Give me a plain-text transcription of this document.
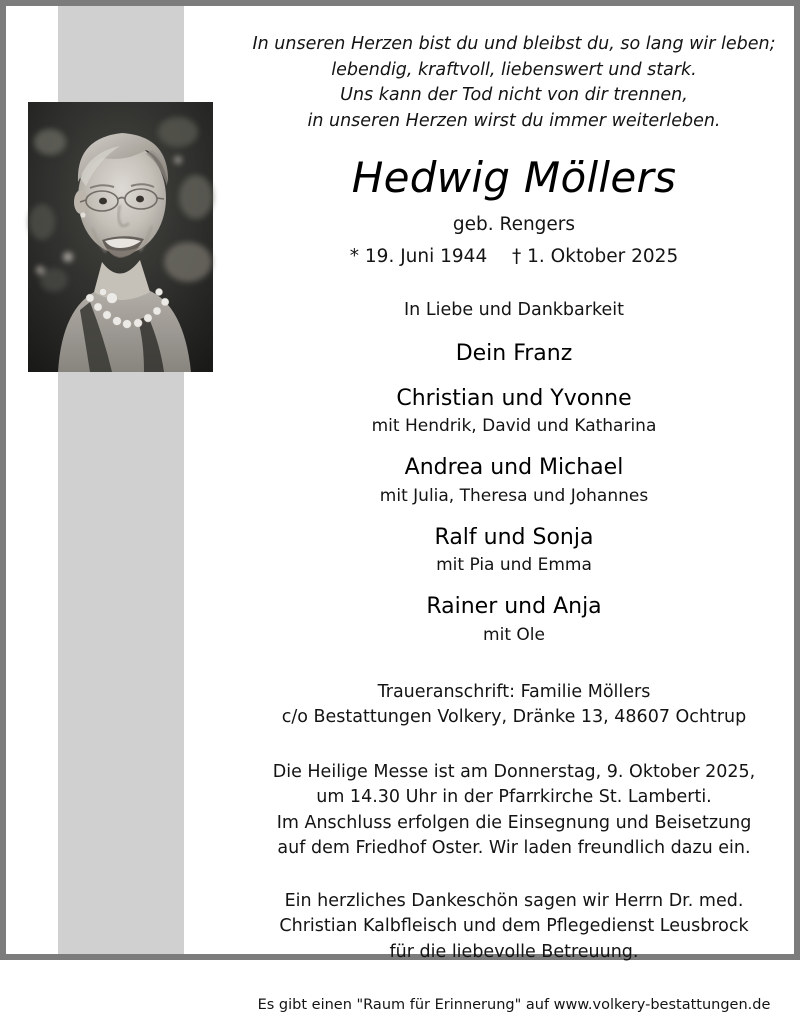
In unseren Herzen bist du und bleibst du, so lang wir leben;
lebendig, kraftvoll, liebenswert und stark.
Uns kann der Tod nicht von dir trennen,
in unseren Herzen wirst du immer weiterleben.
Hedwig Möllers
geb. Rengers
* 19. Juni 1944 † 1. Oktober 2025
In Liebe und Dankbarkeit
Dein Franz
Christian und Yvonne
mit Hendrik, David und Katharina
Andrea und Michael
mit Julia, Theresa und Johannes
Ralf und Sonja
mit Pia und Emma
Rainer und Anja
mit Ole
Traueranschrift: Familie Möllers
c/o Bestattungen Volkery, Dränke 13, 48607 Ochtrup
Die Heilige Messe ist am Donnerstag, 9. Oktober 2025,
um 14.30 Uhr in der Pfarrkirche St. Lamberti.
Im Anschluss erfolgen die Einsegnung und Beisetzung
auf dem Friedhof Oster. Wir laden freundlich dazu ein.
Ein herzliches Dankeschön sagen wir Herrn Dr. med.
Christian Kalbfleisch und dem Pflegedienst Leusbrock
für die liebevolle Betreuung.
Es gibt einen "Raum für Erinnerung" auf www.volkery-bestattungen.de
